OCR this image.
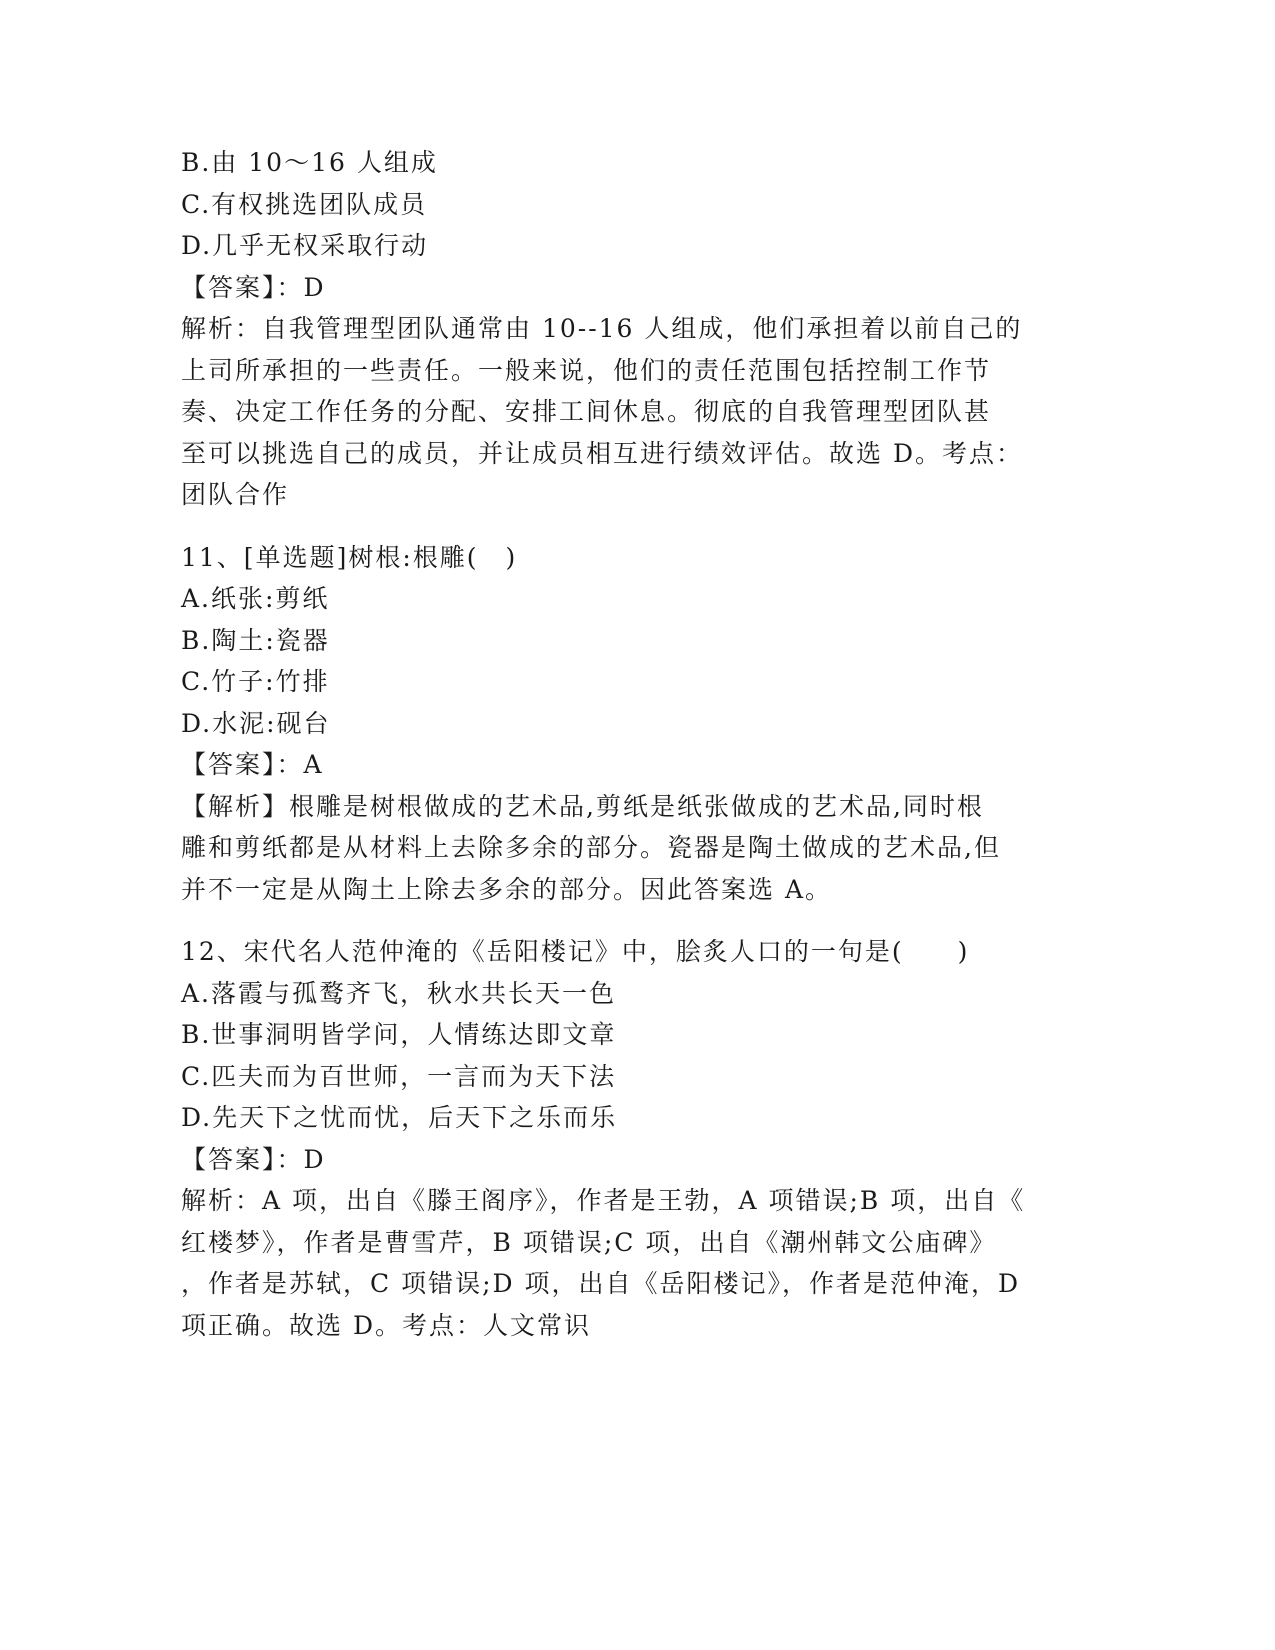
B.由 10～16 人组成
C.有权挑选团队成员
D.几乎无权采取行动
【答案】：D
解析：自我管理型团队通常由 10--16 人组成，他们承担着以前自己的
上司所承担的一些责任。一般来说，他们的责任范围包括控制工作节
奏、决定工作任务的分配、安排工间休息。彻底的自我管理型团队甚
至可以挑选自己的成员，并让成员相互进行绩效评估。故选 D。考点：
团队合作
11、[单选题]树根:根雕(　)
A.纸张:剪纸
B.陶土:瓷器
C.竹子:竹排
D.水泥:砚台
【答案】：A
【解析】根雕是树根做成的艺术品,剪纸是纸张做成的艺术品,同时根
雕和剪纸都是从材料上去除多余的部分。瓷器是陶土做成的艺术品,但
并不一定是从陶土上除去多余的部分。因此答案选 A。
12、宋代名人范仲淹的《岳阳楼记》中，脍炙人口的一句是(　　)
A.落霞与孤鹜齐飞，秋水共长天一色
B.世事洞明皆学问，人情练达即文章
C.匹夫而为百世师，一言而为天下法
D.先天下之忧而忧，后天下之乐而乐
【答案】：D
解析：A 项，出自《滕王阁序》，作者是王勃，A 项错误;B 项，出自《
红楼梦》，作者是曹雪芹，B 项错误;C 项，出自《潮州韩文公庙碑》
，作者是苏轼，C 项错误;D 项，出自《岳阳楼记》，作者是范仲淹，D
项正确。故选 D。考点：人文常识
